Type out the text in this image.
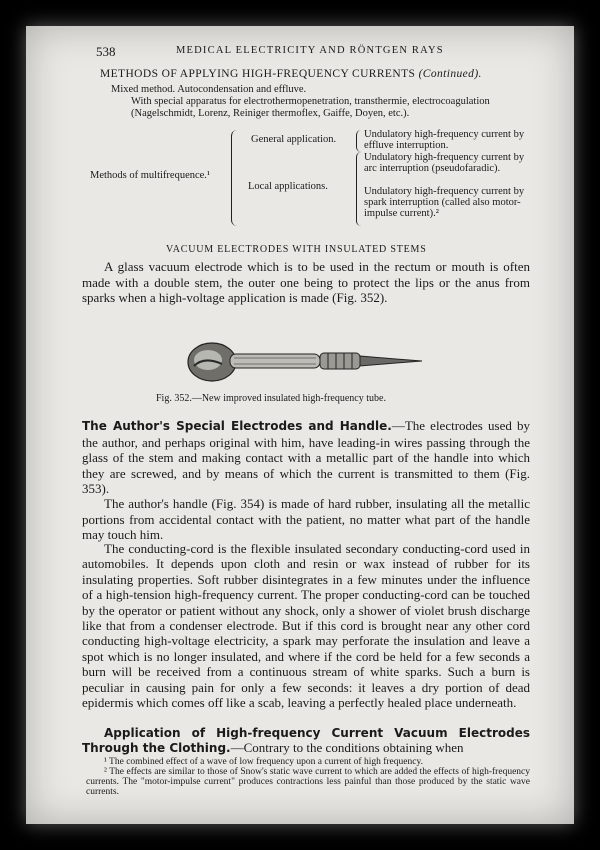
538	MEDICAL ELECTRICITY AND RÖNTGEN RAYS
METHODS OF APPLYING HIGH-FREQUENCY CURRENTS (Continued).
Mixed method. Autocondensation and effluve.
With special apparatus for electrothermopenetration, transthermie, electrocoagulation (Nagelschmidt, Lorenz, Reiniger thermoflex, Gaiffe, Doyen, etc.).
Methods of multifrequence.¹
General application.
Local applications.
Undulatory high-frequency current by effluve interruption.
Undulatory high-frequency current by arc interruption (pseudofaradic).
Undulatory high-frequency current by spark interruption (called also motor-impulse current).²
VACUUM ELECTRODES WITH INSULATED STEMS
A glass vacuum electrode which is to be used in the rectum or mouth is often made with a double stem, the outer one being to protect the lips or the anus from sparks when a high-voltage application is made (Fig. 352).
Fig. 352.—New improved insulated high-frequency tube.
The Author's Special Electrodes and Handle.—The electrodes used by the author, and perhaps original with him, have leading-in wires passing through the glass of the stem and making contact with a metallic part of the handle into which they are screwed, and by means of which the current is transmitted to them (Fig. 353).
The author's handle (Fig. 354) is made of hard rubber, insulating all the metallic portions from accidental contact with the patient, no matter what part of the handle may touch him.
The conducting-cord is the flexible insulated secondary conducting-cord used in automobiles. It depends upon cloth and resin or wax instead of rubber for its insulating properties. Soft rubber disintegrates in a few minutes under the influence of a high-tension high-frequency current. The proper conducting-cord can be touched by the operator or patient without any shock, only a shower of violet brush discharge like that from a condenser electrode. But if this cord is brought near any other cord conducting high-voltage electricity, a spark may perforate the insulation and leave a spot which is no longer insulated, and where if the cord be held for a few seconds a burn will be received from a continuous stream of white sparks. Such a burn is peculiar in causing pain for only a few seconds: it leaves a dry portion of dead epidermis which comes off like a scab, leaving a perfectly healed place underneath.
Application of High-frequency Current Vacuum Electrodes Through the Clothing.—Contrary to the conditions obtaining when
¹ The combined effect of a wave of low frequency upon a current of high frequency.
² The effects are similar to those of Snow's static wave current to which are added the effects of high-frequency currents. The "motor-impulse current" produces contractions less painful than those produced by the static wave currents.
